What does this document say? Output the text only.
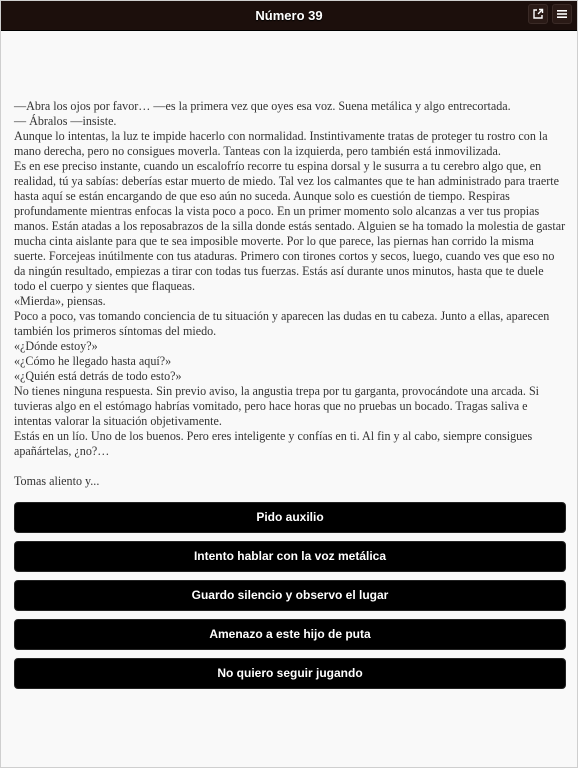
Número 39

—Abra los ojos por favor… —es la primera vez que oyes esa voz. Suena metálica y algo entrecortada.

— Ábralos —insiste.

Aunque lo intentas, la luz te impide hacerlo con normalidad. Instintivamente tratas de proteger tu rostro con la mano derecha, pero no consigues moverla. Tanteas con la izquierda, pero también está inmovilizada.

Es en ese preciso instante, cuando un escalofrío recorre tu espina dorsal y le susurra a tu cerebro algo que, en realidad, tú ya sabías: deberías estar muerto de miedo. Tal vez los calmantes que te han administrado para traerte hasta aquí se están encargando de que eso aún no suceda. Aunque solo es cuestión de tiempo. Respiras profundamente mientras enfocas la vista poco a poco. En un primer momento solo alcanzas a ver tus propias manos. Están atadas a los reposabrazos de la silla donde estás sentado. Alguien se ha tomado la molestia de gastar mucha cinta aislante para que te sea imposible moverte. Por lo que parece, las piernas han corrido la misma suerte. Forcejeas inútilmente con tus ataduras. Primero con tirones cortos y secos, luego, cuando ves que eso no da ningún resultado, empiezas a tirar con todas tus fuerzas. Estás así durante unos minutos, hasta que te duele todo el cuerpo y sientes que flaqueas.

«Mierda», piensas.

Poco a poco, vas tomando conciencia de tu situación y aparecen las dudas en tu cabeza. Junto a ellas, aparecen también los primeros síntomas del miedo.

«¿Dónde estoy?»

«¿Cómo he llegado hasta aquí?»

«¿Quién está detrás de todo esto?»

No tienes ninguna respuesta. Sin previo aviso, la angustia trepa por tu garganta, provocándote una arcada. Si tuvieras algo en el estómago habrías vomitado, pero hace horas que no pruebas un bocado. Tragas saliva e intentas valorar la situación objetivamente.

Estás en un lío. Uno de los buenos. Pero eres inteligente y confías en ti. Al fin y al cabo, siempre consigues apañártelas, ¿no?…

Tomas aliento y...

Pido auxilio
Intento hablar con la voz metálica
Guardo silencio y observo el lugar
Amenazo a este hijo de puta
No quiero seguir jugando
